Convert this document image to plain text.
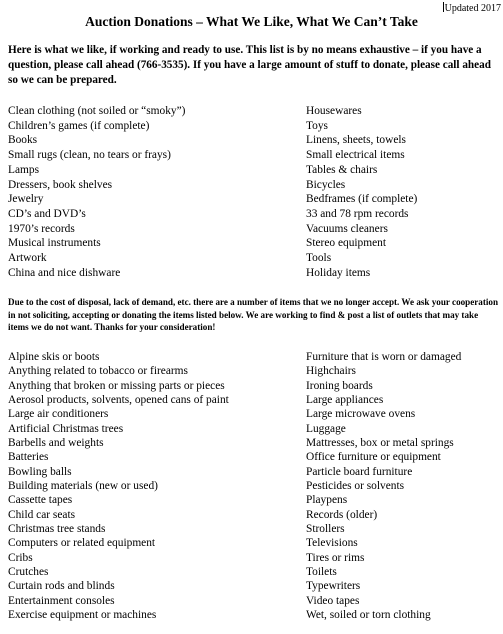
Updated 2017
Auction Donations – What We Like, What We Can’t Take

Here is what we like, if working and ready to use. This list is by no means exhaustive – if you have a question, please call ahead (766-3535). If you have a large amount of stuff to donate, please call ahead so we can be prepared.

Clean clothing (not soiled or “smoky”)
Children’s games (if complete)
Books
Small rugs (clean, no tears or frays)
Lamps
Dressers, book shelves
Jewelry
CD’s and DVD’s
1970’s records
Musical instruments
Artwork
China and nice dishware
Housewares
Toys
Linens, sheets, towels
Small electrical items
Tables & chairs
Bicycles
Bedframes (if complete)
33 and 78 rpm records
Vacuums cleaners
Stereo equipment
Tools
Holiday items

Due to the cost of disposal, lack of demand, etc. there are a number of items that we no longer accept. We ask your cooperation in not soliciting, accepting or donating the items listed below. We are working to find & post a list of outlets that may take items we do not want. Thanks for your consideration!

Alpine skis or boots
Anything related to tobacco or firearms
Anything that broken or missing parts or pieces
Aerosol products, solvents, opened cans of paint
Large air conditioners
Artificial Christmas trees
Barbells and weights
Batteries
Bowling balls
Building materials (new or used)
Cassette tapes
Child car seats
Christmas tree stands
Computers or related equipment
Cribs
Crutches
Curtain rods and blinds
Entertainment consoles
Exercise equipment or machines
Furniture that is worn or damaged
Highchairs
Ironing boards
Large appliances
Large microwave ovens
Luggage
Mattresses, box or metal springs
Office furniture or equipment
Particle board furniture
Pesticides or solvents
Playpens
Records (older)
Strollers
Televisions
Tires or rims
Toilets
Typewriters
Video tapes
Wet, soiled or torn clothing
